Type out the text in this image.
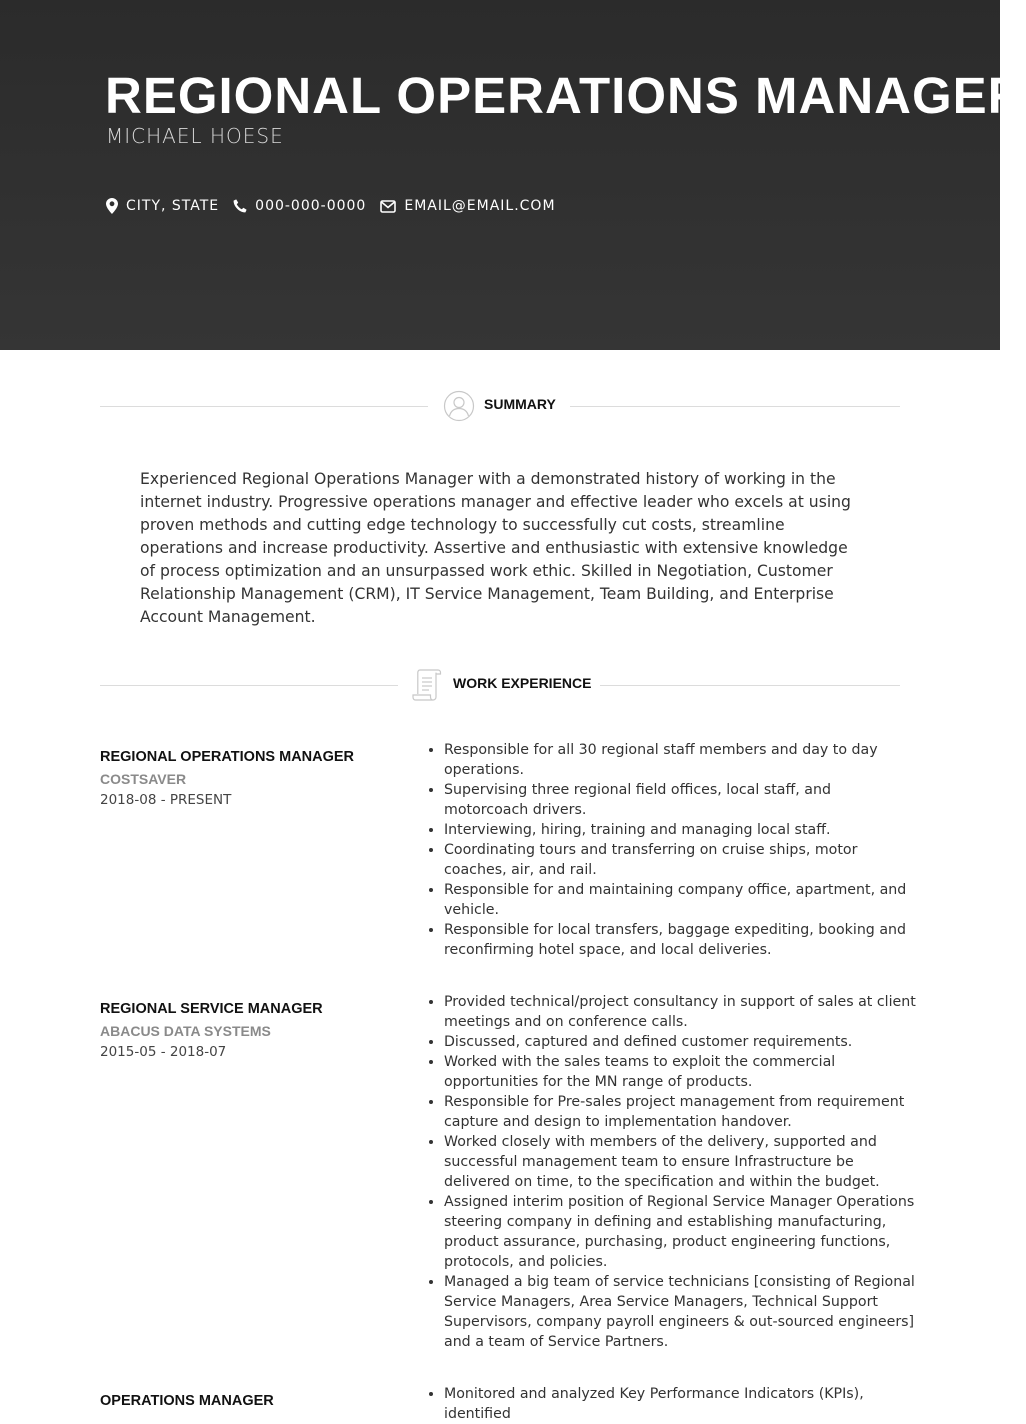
REGIONAL OPERATIONS MANAGER
MICHAEL HOESE
CITY, STATE	000-000-0000	EMAIL@EMAIL.COM
SUMMARY
Experienced Regional Operations Manager with a demonstrated history of working in the internet industry. Progressive operations manager and effective leader who excels at using proven methods and cutting edge technology to successfully cut costs, streamline operations and increase productivity. Assertive and enthusiastic with extensive knowledge of process optimization and an unsurpassed work ethic. Skilled in Negotiation, Customer Relationship Management (CRM), IT Service Management, Team Building, and Enterprise Account Management.
WORK EXPERIENCE
REGIONAL OPERATIONS MANAGER
COSTSAVER
2018-08 - PRESENT
• Responsible for all 30 regional staff members and day to day operations.
• Supervising three regional field offices, local staff, and motorcoach drivers.
• Interviewing, hiring, training and managing local staff.
• Coordinating tours and transferring on cruise ships, motor coaches, air, and rail.
• Responsible for and maintaining company office, apartment, and vehicle.
• Responsible for local transfers, baggage expediting, booking and reconfirming hotel space, and local deliveries.
REGIONAL SERVICE MANAGER
ABACUS DATA SYSTEMS
2015-05 - 2018-07
• Provided technical/project consultancy in support of sales at client meetings and on conference calls.
• Discussed, captured and defined customer requirements.
• Worked with the sales teams to exploit the commercial opportunities for the MN range of products.
• Responsible for Pre-sales project management from requirement capture and design to implementation handover.
• Worked closely with members of the delivery, supported and successful management team to ensure Infrastructure be delivered on time, to the specification and within the budget.
• Assigned interim position of Regional Service Manager Operations steering company in defining and establishing manufacturing, product assurance, purchasing, product engineering functions, protocols, and policies.
• Managed a big team of service technicians [consisting of Regional Service Managers, Area Service Managers, Technical Support Supervisors, company payroll engineers & out-sourced engineers] and a team of Service Partners.
OPERATIONS MANAGER
•	Monitored and analyzed Key Performance Indicators (KPIs), identified
